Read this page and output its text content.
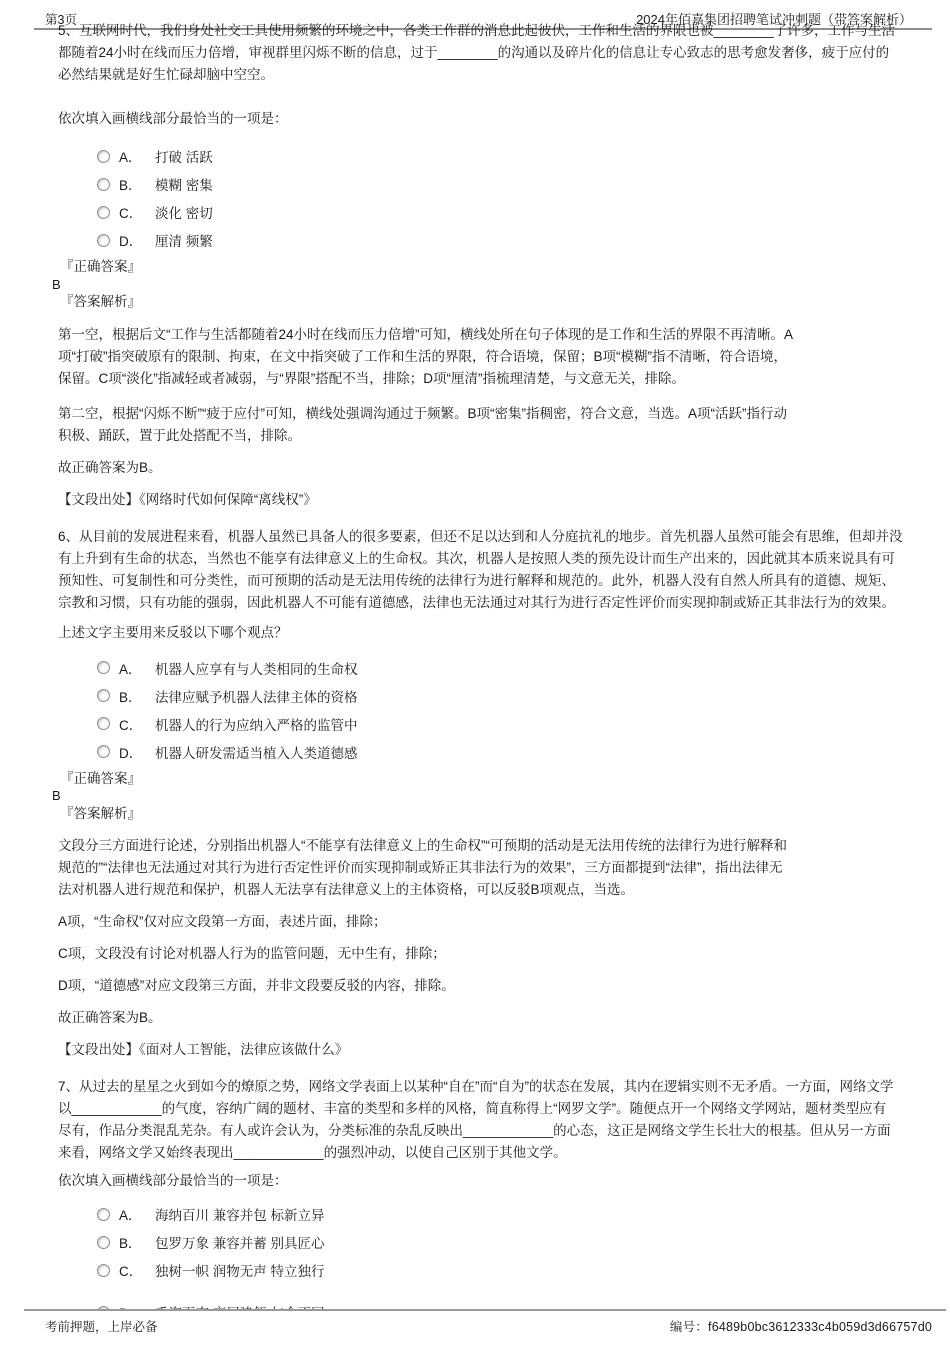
第3页	2024年佰嘉集团招聘笔试冲刺题（带答案解析）
5、互联网时代，我们身处社交工具使用频繁的环境之中，各类工作群的消息此起彼伏，工作和生活的界限也被________了许多，工作与生活
都随着24小时在线而压力倍增，审视群里闪烁不断的信息，过于________的沟通以及碎片化的信息让专心致志的思考愈发奢侈，疲于应付的
必然结果就是好生忙碌却脑中空空。

依次填入画横线部分最恰当的一项是：

A． 打破 活跃
B． 模糊 密集
C． 淡化 密切
D． 厘清 频繁
『正确答案』
B
『答案解析』
第一空，根据后文“工作与生活都随着24小时在线而压力倍增”可知，横线处所在句子体现的是工作和生活的界限不再清晰。A
项“打破”指突破原有的限制、拘束，在文中指突破了工作和生活的界限，符合语境，保留；B项“模糊”指不清晰，符合语境，
保留。C项“淡化”指减轻或者减弱，与“界限”搭配不当，排除；D项“厘清”指梳理清楚，与文意无关，排除。
第二空，根据“闪烁不断”“疲于应付”可知，横线处强调沟通过于频繁。B项“密集”指稠密，符合文意，当选。A项“活跃”指行动
积极、踊跃，置于此处搭配不当，排除。
故正确答案为B。
【文段出处】《网络时代如何保障“离线权”》
6、从目前的发展进程来看，机器人虽然已具备人的很多要素，但还不足以达到和人分庭抗礼的地步。首先机器人虽然可能会有思维，但却并没
有上升到有生命的状态，当然也不能享有法律意义上的生命权。其次，机器人是按照人类的预先设计而生产出来的，因此就其本质来说具有可
预知性、可复制性和可分类性，而可预期的活动是无法用传统的法律行为进行解释和规范的。此外，机器人没有自然人所具有的道德、规矩、
宗教和习惯，只有功能的强弱，因此机器人不可能有道德感，法律也无法通过对其行为进行否定性评价而实现抑制或矫正其非法行为的效果。

上述文字主要用来反驳以下哪个观点？

A． 机器人应享有与人类相同的生命权
B． 法律应赋予机器人法律主体的资格
C． 机器人的行为应纳入严格的监管中
D． 机器人研发需适当植入人类道德感
『正确答案』
B
『答案解析』
文段分三方面进行论述，分别指出机器人“不能享有法律意义上的生命权”“可预期的活动是无法用传统的法律行为进行解释和
规范的”“法律也无法通过对其行为进行否定性评价而实现抑制或矫正其非法行为的效果”，三方面都提到“法律”，指出法律无
法对机器人进行规范和保护，机器人无法享有法律意义上的主体资格，可以反驳B项观点，当选。
A项，“生命权”仅对应文段第一方面，表述片面，排除；
C项，文段没有讨论对机器人行为的监管问题，无中生有，排除；
D项，“道德感”对应文段第三方面，并非文段要反驳的内容，排除。
故正确答案为B。
【文段出处】《面对人工智能，法律应该做什么》
7、从过去的星星之火到如今的燎原之势，网络文学表面上以某种“自在”而“自为”的状态在发展，其内在逻辑实则不无矛盾。一方面，网络文学
以____________的气度，容纳广阔的题材、丰富的类型和多样的风格，简直称得上“网罗文学”。随便点开一个网络文学网站，题材类型应有
尽有，作品分类混乱芜杂。有人或许会认为，分类标准的杂乱反映出____________的心态，这正是网络文学生长壮大的根基。但从另一方面
来看，网络文学又始终表现出____________的强烈冲动，以使自己区别于其他文学。

依次填入画横线部分最恰当的一项是：

A． 海纳百川 兼容并包 标新立异
B． 包罗万象 兼容并蓄 别具匠心
C． 独树一帜 润物无声 特立独行
考前押题，上岸必备	编号：f6489b0bc3612333c4b059d3d66757d0
